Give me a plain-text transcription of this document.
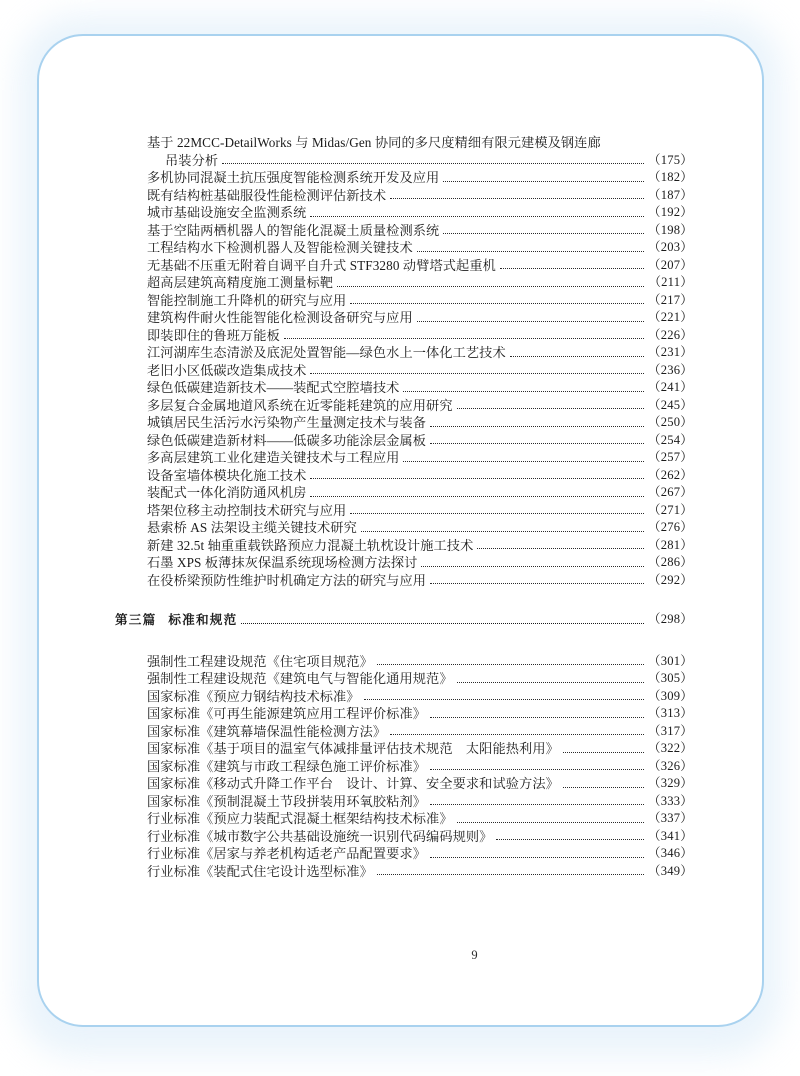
基于 22MCC-DetailWorks 与 Midas/Gen 协同的多尺度精细有限元建模及钢连廊
吊装分析	（175）
多机协同混凝土抗压强度智能检测系统开发及应用	（182）
既有结构桩基础服役性能检测评估新技术	（187）
城市基础设施安全监测系统	（192）
基于空陆两栖机器人的智能化混凝土质量检测系统	（198）
工程结构水下检测机器人及智能检测关键技术	（203）
无基础不压重无附着自调平自升式 STF3280 动臂塔式起重机	（207）
超高层建筑高精度施工测量标靶	（211）
智能控制施工升降机的研究与应用	（217）
建筑构件耐火性能智能化检测设备研究与应用	（221）
即装即住的鲁班万能板	（226）
江河湖库生态清淤及底泥处置智能—绿色水上一体化工艺技术	（231）
老旧小区低碳改造集成技术	（236）
绿色低碳建造新技术——装配式空腔墙技术	（241）
多层复合金属地道风系统在近零能耗建筑的应用研究	（245）
城镇居民生活污水污染物产生量测定技术与装备	（250）
绿色低碳建造新材料——低碳多功能涂层金属板	（254）
多高层建筑工业化建造关键技术与工程应用	（257）
设备室墙体模块化施工技术	（262）
装配式一体化消防通风机房	（267）
塔架位移主动控制技术研究与应用	（271）
悬索桥 AS 法架设主缆关键技术研究	（276）
新建 32.5t 轴重重载铁路预应力混凝土轨枕设计施工技术	（281）
石墨 XPS 板薄抹灰保温系统现场检测方法探讨	（286）
在役桥梁预防性维护时机确定方法的研究与应用	（292）
第三篇 标准和规范	（298）
强制性工程建设规范《住宅项目规范》	（301）
强制性工程建设规范《建筑电气与智能化通用规范》	（305）
国家标准《预应力钢结构技术标准》	（309）
国家标准《可再生能源建筑应用工程评价标准》	（313）
国家标准《建筑幕墙保温性能检测方法》	（317）
国家标准《基于项目的温室气体减排量评估技术规范　太阳能热利用》	（322）
国家标准《建筑与市政工程绿色施工评价标准》	（326）
国家标准《移动式升降工作平台　设计、计算、安全要求和试验方法》	（329）
国家标准《预制混凝土节段拼装用环氧胶粘剂》	（333）
行业标准《预应力装配式混凝土框架结构技术标准》	（337）
行业标准《城市数字公共基础设施统一识别代码编码规则》	（341）
行业标准《居家与养老机构适老产品配置要求》	（346）
行业标准《装配式住宅设计选型标准》	（349）
9
